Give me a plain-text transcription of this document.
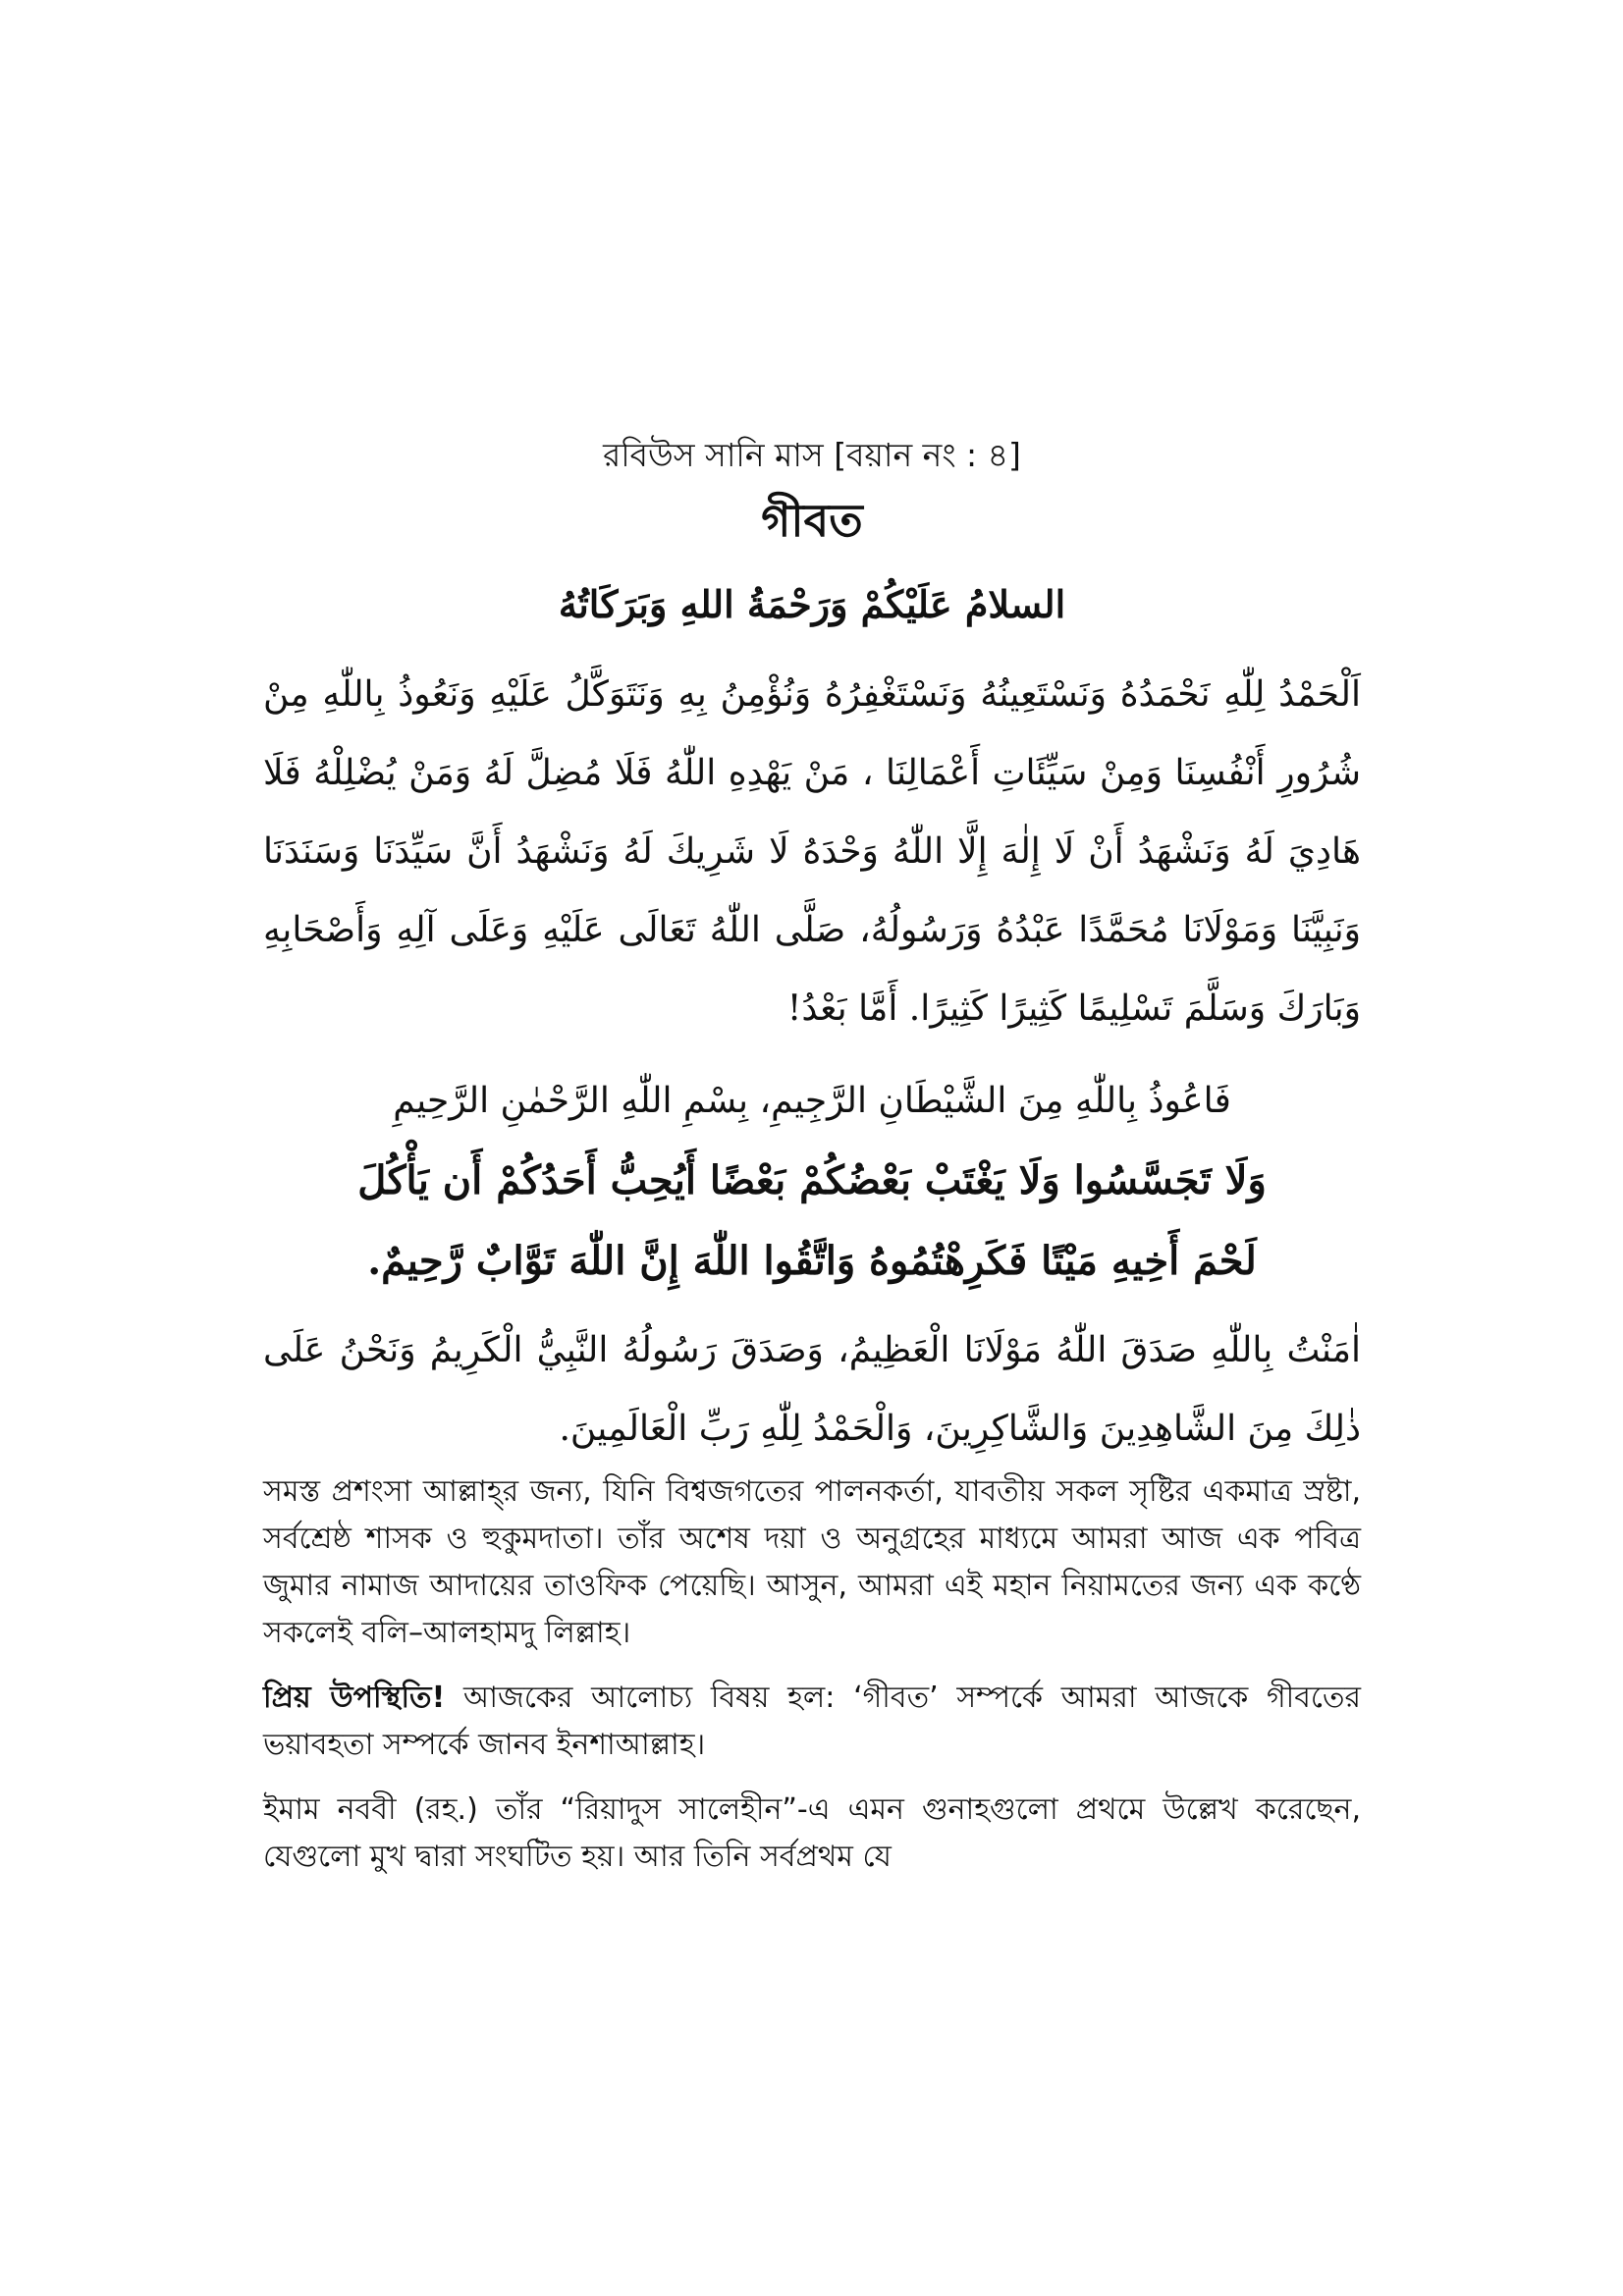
রবিউস সানি মাস [বয়ান নং : ৪]

গীবত

السلامُ عَلَيْكُمْ وَرَحْمَةُ اللهِ وَبَرَكَاتُهُ

اَلْحَمْدُ لِلّٰهِ نَحْمَدُهُ وَنَسْتَعِينُهُ وَنَسْتَغْفِرُهُ وَنُؤْمِنُ بِهِ وَنَتَوَكَّلُ عَلَيْهِ وَنَعُوذُ بِاللّٰهِ مِنْ شُرُورِ أَنْفُسِنَا وَمِنْ سَيِّئَاتِ أَعْمَالِنَا ، مَنْ يَهْدِهِ اللّٰهُ فَلَا مُضِلَّ لَهُ وَمَنْ يُضْلِلْهُ فَلَا هَادِيَ لَهُ وَنَشْهَدُ أَنْ لَا إِلٰهَ إِلَّا اللّٰهُ وَحْدَهُ لَا شَرِيكَ لَهُ وَنَشْهَدُ أَنَّ سَيِّدَنَا وَسَنَدَنَا وَنَبِيَّنَا وَمَوْلَانَا مُحَمَّدًا عَبْدُهُ وَرَسُولُهُ، صَلَّى اللّٰهُ تَعَالَى عَلَيْهِ وَعَلَى آلِهِ وَأَصْحَابِهِ وَبَارَكَ وَسَلَّمَ تَسْلِيمًا كَثِيرًا كَثِيرًا. أَمَّا بَعْدُ!

فَاعُوذُ بِاللّٰهِ مِنَ الشَّيْطَانِ الرَّجِيمِ، بِسْمِ اللّٰهِ الرَّحْمٰنِ الرَّحِيمِ

وَلَا تَجَسَّسُوا وَلَا يَغْتَبْ بَعْضُكُمْ بَعْضًا أَيُحِبُّ أَحَدُكُمْ أَن يَأْكُلَ

لَحْمَ أَخِيهِ مَيْتًا فَكَرِهْتُمُوهُ وَاتَّقُوا اللّٰهَ إِنَّ اللّٰهَ تَوَّابٌ رَّحِيمٌ.

اٰمَنْتُ بِاللّٰهِ صَدَقَ اللّٰهُ مَوْلَانَا الْعَظِيمُ، وَصَدَقَ رَسُولُهُ النَّبِيُّ الْكَرِيمُ وَنَحْنُ عَلَى ذٰلِكَ مِنَ الشَّاهِدِينَ وَالشَّاكِرِينَ، وَالْحَمْدُ لِلّٰهِ رَبِّ الْعَالَمِينَ.

সমস্ত প্রশংসা আল্লাহ্‌র জন্য, যিনি বিশ্বজগতের পালনকর্তা, যাবতীয় সকল সৃষ্টির একমাত্র স্রষ্টা, সর্বশ্রেষ্ঠ শাসক ও হুকুমদাতা। তাঁর অশেষ দয়া ও অনুগ্রহের মাধ্যমে আমরা আজ এক পবিত্র জুমার নামাজ আদায়ের তাওফিক পেয়েছি। আসুন, আমরা এই মহান নিয়ামতের জন্য এক কণ্ঠে সকলেই বলি–আলহামদু লিল্লাহ।

প্রিয় উপস্থিতি! আজকের আলোচ্য বিষয় হল: ‘গীবত’ সম্পর্কে আমরা আজকে গীবতের ভয়াবহতা সম্পর্কে জানব ইনশাআল্লাহ।

ইমাম নববী (রহ.) তাঁর “রিয়াদুস সালেহীন”-এ এমন গুনাহগুলো প্রথমে উল্লেখ করেছেন, যেগুলো মুখ দ্বারা সংঘটিত হয়। আর তিনি সর্বপ্রথম যে
